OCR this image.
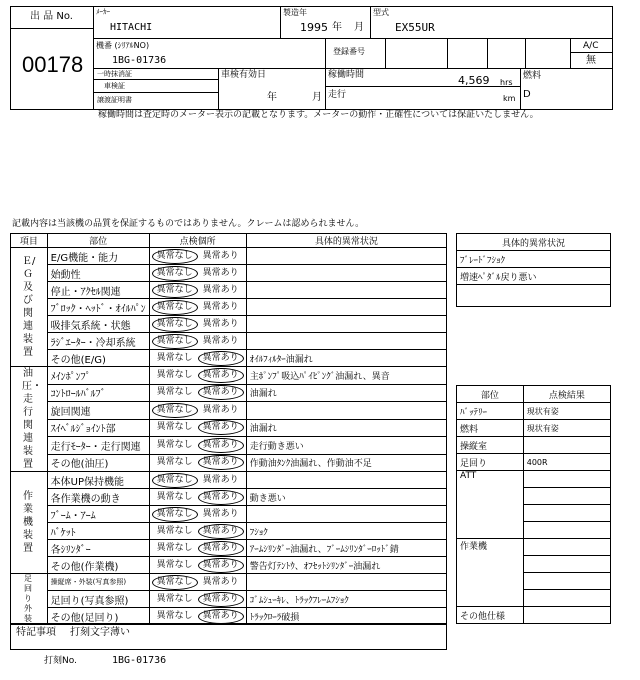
出 品 No.
00178
ﾒｰｶｰ
HITACHI
製造年
1995 年 月
型式
EX55UR
機番 (ｼﾘｱﾙNO)
1BG-01736
登録番号
A/C
無
一時抹消証
車検証
譲渡証明書
車検有効日
年	月
稼働時間	4,569 hrs
走行	km
燃料
D
稼働時間は査定時のメーター表示の記載となります。メーターの動作・正確性については保証いたしません。
記載内容は当該機の品質を保証するものではありません。クレームは認められません。
項目	部位	点検個所	具体的異常状況

Ｅ/Ｇ及び関連装置	E/G機能・能力	異常なし 異常あり	
	始動性	異常なし 異常あり	
	停止・ｱｸｾﾙ関連	異常なし 異常あり	
	ﾌﾞﾛｯｸ・ﾍｯﾄﾞ・ｵｲﾙﾊﾟﾝ	異常なし 異常あり	
	吸排気系統・状態	異常なし 異常あり	
	ﾗｼﾞｴｰﾀｰ・冷却系統	異常なし 異常あり	
	その他(E/G)	異常なし 異常あり	ｵｲﾙﾌｨﾙﾀｰ油漏れ

油圧・走行関連装置	ﾒｲﾝﾎﾟﾝﾌﾟ	異常なし 異常あり	主ﾎﾟﾝﾌﾟ吸込ﾊﾟｲﾋﾟﾝｸﾞ油漏れ、異音
	ｺﾝﾄﾛｰﾙﾊﾞﾙﾌﾞ	異常なし 異常あり	油漏れ
	旋回関連	異常なし 異常あり	
	ｽｲﾍﾞﾙｼﾞｮｲﾝﾄ部	異常なし 異常あり	油漏れ
	走行ﾓｰﾀｰ・走行関連	異常なし 異常あり	走行動き悪い
	その他(油圧)	異常なし 異常あり	作動油ﾀﾝｸ油漏れ、作動油不足

作業機装置	本体UP保持機能	異常なし 異常あり	
	各作業機の動き	異常なし 異常あり	動き悪い
	ﾌﾞｰﾑ・ｱｰﾑ	異常なし 異常あり	
	ﾊﾞｹｯﾄ	異常なし 異常あり	ﾌｼｮｸ
	各ｼﾘﾝﾀﾞｰ	異常なし 異常あり	ｱｰﾑｼﾘﾝﾀﾞｰ油漏れ、ﾌﾞｰﾑｼﾘﾝﾀﾞｰﾛｯﾄﾞ錆
	その他(作業機)	異常なし 異常あり	警告灯ﾃﾝﾄｳ、ｵﾌｾｯﾄｼﾘﾝﾀﾞｰ油漏れ

足回り外装	操縦席・外装(写真参照)	異常なし 異常あり	
	足回り(写真参照)	異常なし 異常あり	ｺﾞﾑｼｭｰｷﾚ、ﾄﾗｯｸﾌﾚｰﾑﾌｼｮｸ
	その他(足回り)	異常なし 異常あり	ﾄﾗｯｸﾛｰﾗ破損
特記事項 打刻文字薄い
打刻No.	1BG-01736
具体的異常状況
ﾌﾞﾚｰﾄﾞﾌｼｮｸ
増速ﾍﾟﾀﾞﾙ戻り悪い

部位	点検結果
ﾊﾞｯﾃﾘｰ	現状有姿
燃料	現状有姿
操縦室	
足回り	400R
ATT	

作業機	

その他仕様	
